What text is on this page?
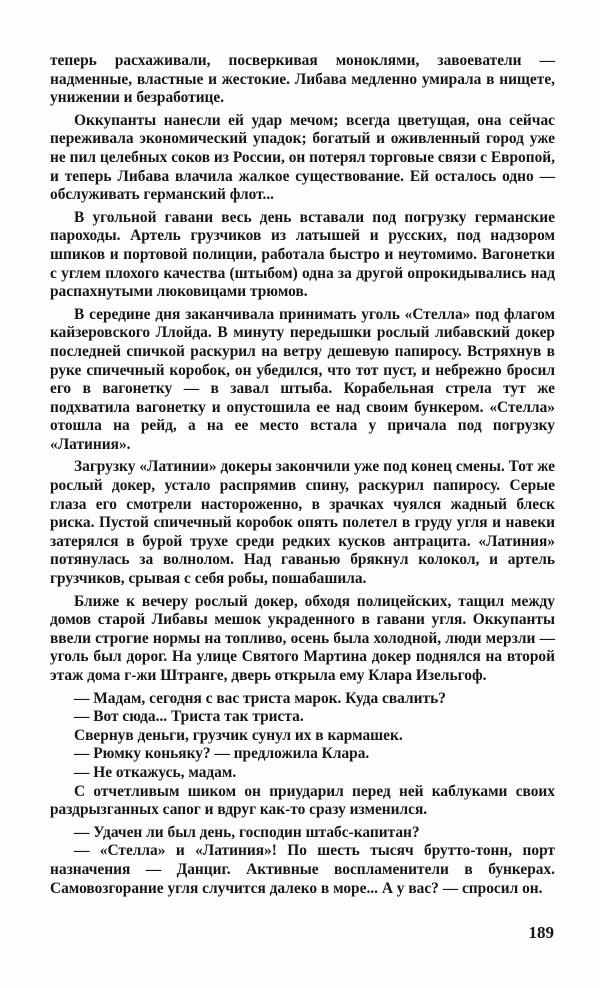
теперь расхаживали, посверкивая моноклями, завоеватели — надменные, властные и жестокие. Либава медленно умирала в нищете, унижении и безработице.

Оккупанты нанесли ей удар мечом; всегда цветущая, она сейчас переживала экономический упадок; богатый и оживленный город уже не пил целебных соков из России, он потерял торговые связи с Европой, и теперь Либава влачила жалкое существование. Ей осталось одно — обслуживать германский флот...

В угольной гавани весь день вставали под погрузку германские пароходы. Артель грузчиков из латышей и русских, под надзором шпиков и портовой полиции, работала быстро и неутомимо. Вагонетки с углем плохого качества (штыбом) одна за другой опрокидывались над распахнутыми люковицами трюмов.

В середине дня заканчивала принимать уголь «Стелла» под флагом кайзеровского Ллойда. В минуту передышки рослый либавский докер последней спичкой раскурил на ветру дешевую папиросу. Встряхнув в руке спичечный коробок, он убедился, что тот пуст, и небрежно бросил его в вагонетку — в завал штыба. Корабельная стрела тут же подхватила вагонетку и опустошила ее над своим бункером. «Стелла» отошла на рейд, а на ее место встала у причала под погрузку «Латиния».

Загрузку «Латинии» докеры закончили уже под конец смены. Тот же рослый докер, устало распрямив спину, раскурил папиросу. Серые глаза его смотрели настороженно, в зрачках чуялся жадный блеск риска. Пустой спичечный коробок опять полетел в груду угля и навеки затерялся в бурой трухе среди редких кусков антрацита. «Латиния» потянулась за волнолом. Над гаванью брякнул колокол, и артель грузчиков, срывая с себя робы, пошабашила.

Ближе к вечеру рослый докер, обходя полицейских, тащил между домов старой Либавы мешок украденного в гавани угля. Оккупанты ввели строгие нормы на топливо, осень была холодной, люди мерзли — уголь был дорог. На улице Святого Мартина докер поднялся на второй этаж дома г-жи Штранге, дверь открыла ему Клара Изельгоф.

— Мадам, сегодня с вас триста марок. Куда свалить?

— Вот сюда... Триста так триста.

Свернув деньги, грузчик сунул их в кармашек.

— Рюмку коньяку? — предложила Клара.

— Не откажусь, мадам.

С отчетливым шиком он приударил перед ней каблуками своих раздрызганных сапог и вдруг как-то сразу изменился.

— Удачен ли был день, господин штабс-капитан?

— «Стелла» и «Латиния»! По шесть тысяч брутто-тонн, порт назначения — Данциг. Активные воспламенители в бункерах. Самовозгорание угля случится далеко в море... А у вас? — спросил он.

189
